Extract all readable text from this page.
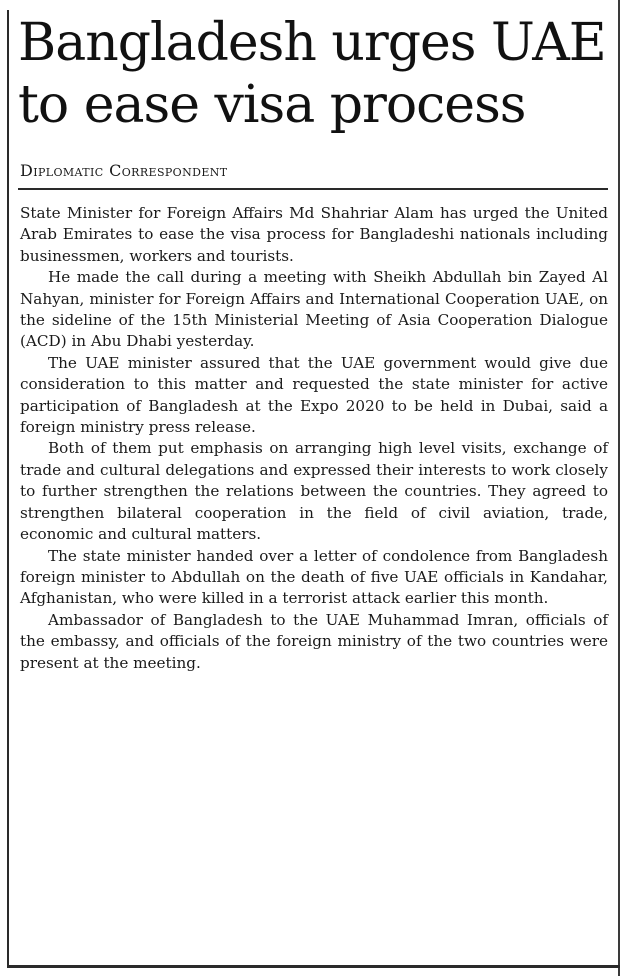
Bangladesh urges UAE
to ease visa process
Diplomatic Correspondent

State Minister for Foreign Affairs Md Shahriar Alam has urged the United Arab Emirates to ease the visa process for Bangladeshi nationals including businessmen, workers and tourists.

He made the call during a meeting with Sheikh Abdullah bin Zayed Al Nahyan, minister for Foreign Affairs and International Cooperation UAE, on the sideline of the 15th Ministerial Meeting of Asia Cooperation Dialogue (ACD) in Abu Dhabi yesterday.

The UAE minister assured that the UAE government would give due consideration to this matter and requested the state minister for active participation of Bangladesh at the Expo 2020 to be held in Dubai, said a foreign ministry press release.

Both of them put emphasis on arranging high level visits, exchange of trade and cultural delegations and expressed their interests to work closely to further strengthen the relations between the countries. They agreed to strengthen bilateral cooperation in the field of civil aviation, trade, economic and cultural matters.

The state minister handed over a letter of condolence from Bangladesh foreign minister to Abdullah on the death of five UAE officials in Kandahar, Afghanistan, who were killed in a terrorist attack earlier this month.

Ambassador of Bangladesh to the UAE Muhammad Imran, officials of the embassy, and officials of the foreign ministry of the two countries were present at the meeting.
